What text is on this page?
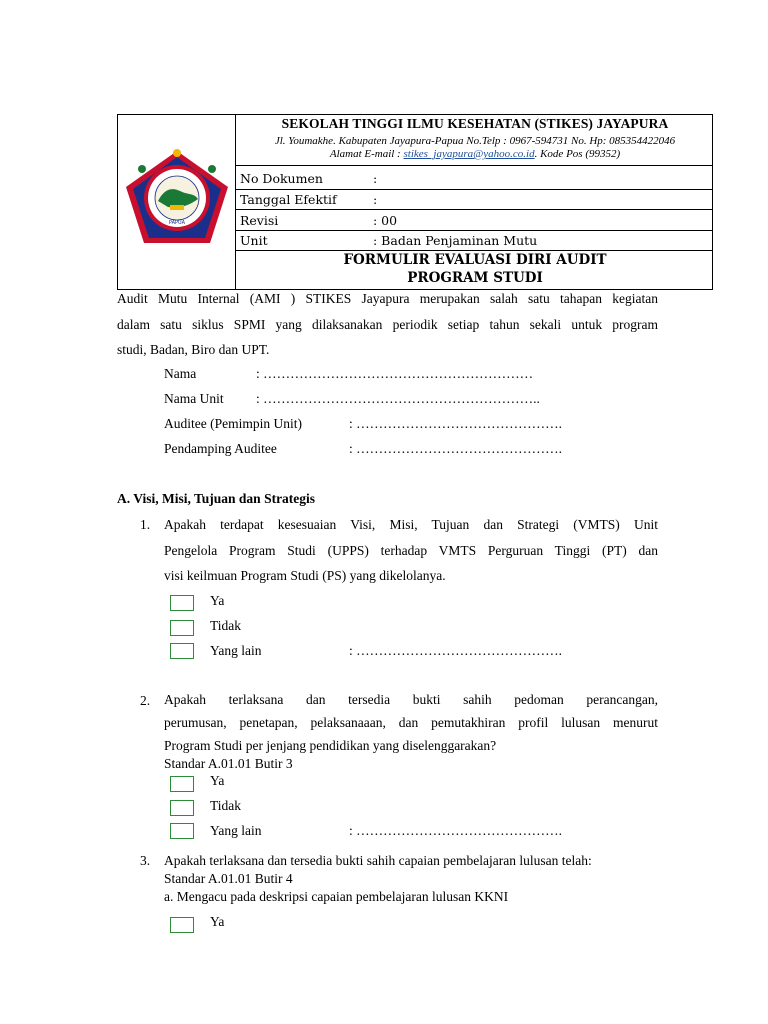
PAPUA
SEKOLAH TINGGI ILMU KESEHATAN (STIKES) JAYAPURA
Jl. Youmakhe. Kabupaten Jayapura-Papua No.Telp : 0967-594731 No. Hp: 085354422046
Alamat E-mail : stikes_jayapura@yahoo.co.id. Kode Pos (99352)
No Dokumen	:
Tanggal Efektif	:
Revisi	: 00
Unit	: Badan Penjaminan Mutu
FORMULIR EVALUASI DIRI AUDIT
PROGRAM STUDI
Audit Mutu Internal (AMI ) STIKES Jayapura merupakan salah satu tahapan kegiatan
dalam satu siklus SPMI yang dilaksanakan periodik setiap tahun sekali untuk program
studi, Badan, Biro dan UPT.
Nama	: ……………………………………………………
Nama Unit : ……………………………………………………..
Auditee (Pemimpin Unit)	: ……………………………………….
Pendamping Auditee	: ……………………………………….
A. Visi, Misi, Tujuan dan Strategis
1. Apakah terdapat kesesuaian Visi, Misi, Tujuan dan Strategi (VMTS) Unit
Pengelola Program Studi (UPPS) terhadap VMTS Perguruan Tinggi (PT) dan
visi keilmuan Program Studi (PS) yang dikelolanya.
Ya
Tidak
Yang lain	: ……………………………………….
2. Apakah terlaksana dan tersedia bukti sahih pedoman perancangan,
perumusan, penetapan, pelaksanaaan, dan pemutakhiran profil lulusan menurut
Program Studi per jenjang pendidikan yang diselenggarakan?
Standar A.01.01 Butir 3
Ya
Tidak
Yang lain	: ……………………………………….
3. Apakah terlaksana dan tersedia bukti sahih capaian pembelajaran lulusan telah:
Standar A.01.01 Butir 4
a. Mengacu pada deskripsi capaian pembelajaran lulusan KKNI
Ya
